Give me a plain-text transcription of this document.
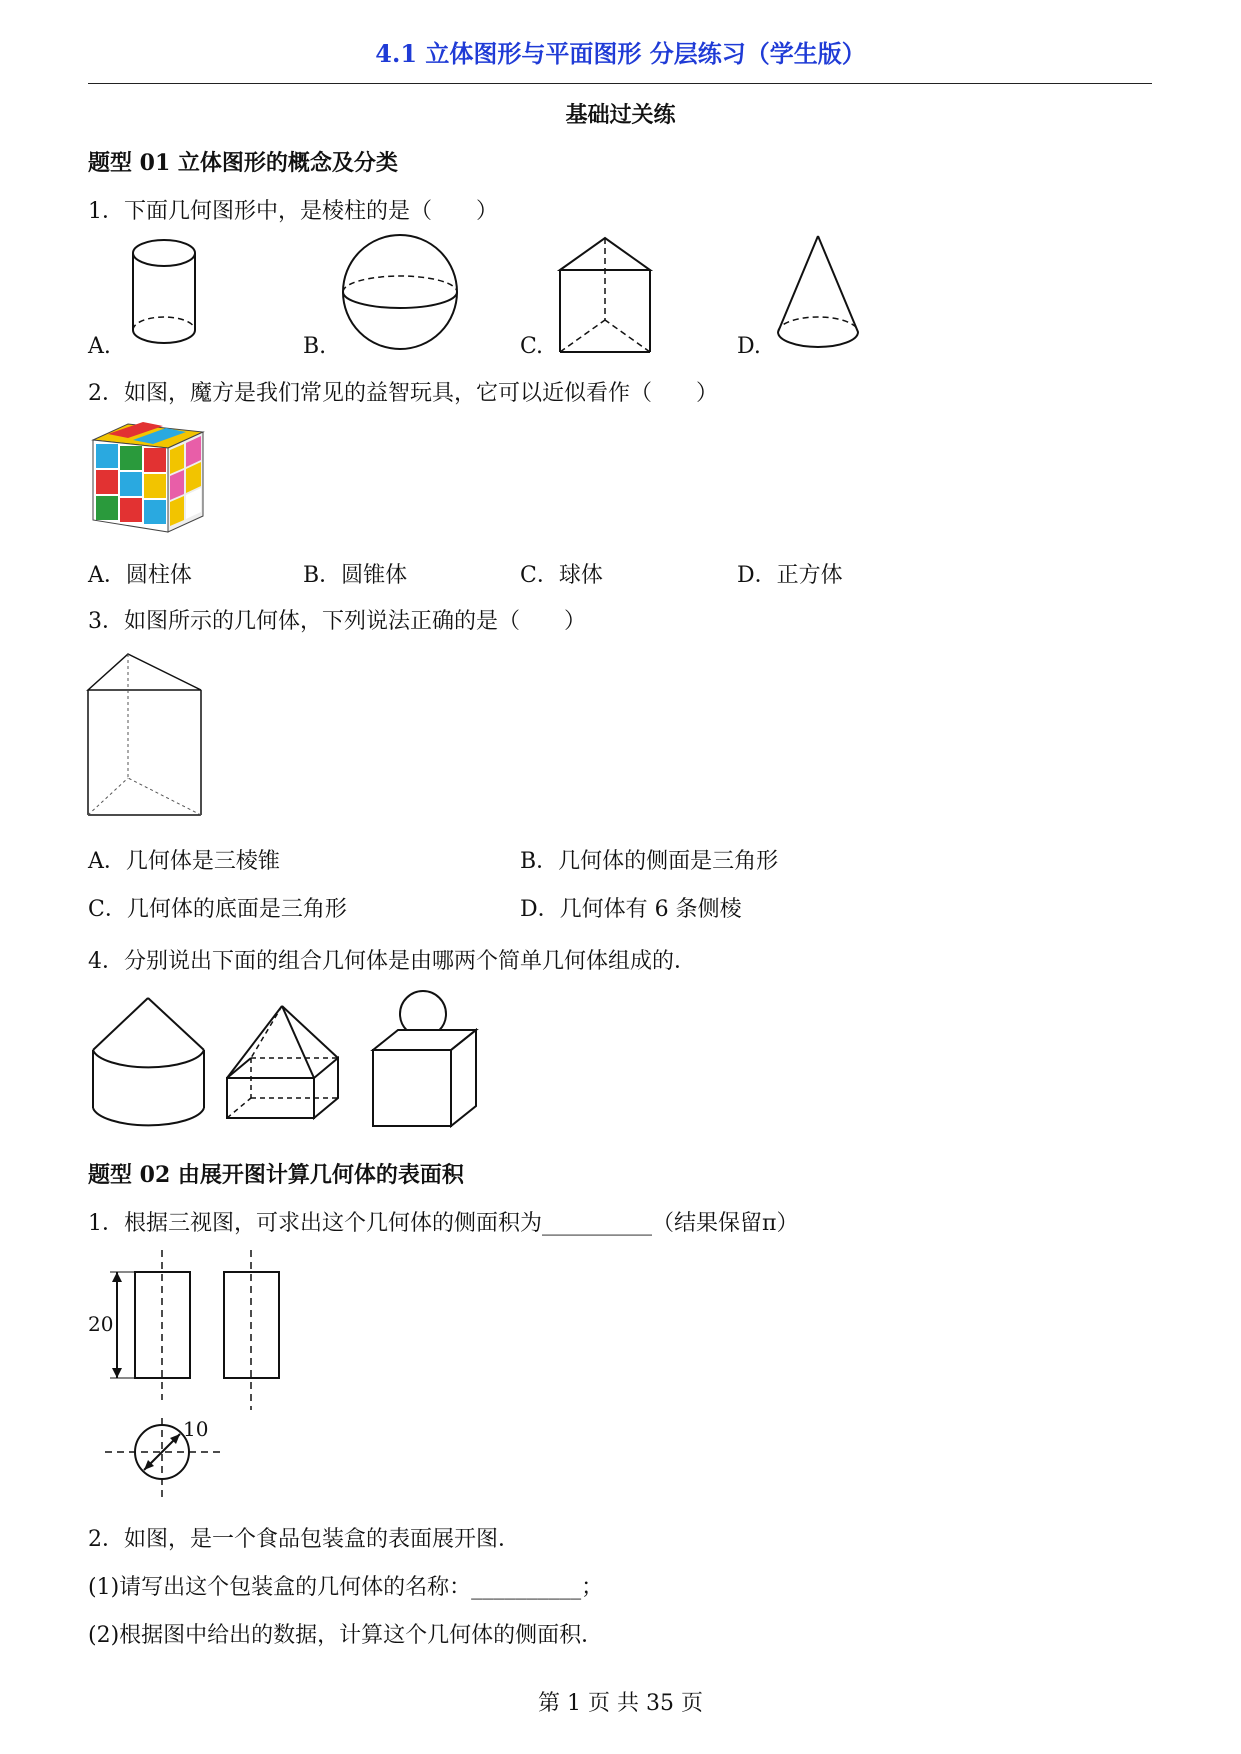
4.1 立体图形与平面图形 分层练习（学生版）
基础过关练
题型 01 立体图形的概念及分类
1．下面几何图形中，是棱柱的是（　　）
A.	B.	C.	D.
2．如图，魔方是我们常见的益智玩具，它可以近似看作（　　）
A．圆柱体	B．圆锥体	C．球体	D．正方体
3．如图所示的几何体，下列说法正确的是（　　）
A．几何体是三棱锥	B．几何体的侧面是三角形
C．几何体的底面是三角形	D．几何体有 6 条侧棱
4．分别说出下面的组合几何体是由哪两个简单几何体组成的．
题型 02 由展开图计算几何体的表面积
1．根据三视图，可求出这个几何体的侧面积为__________（结果保留π）
20
10
2．如图，是一个食品包装盒的表面展开图．
(1)请写出这个包装盒的几何体的名称：__________；
(2)根据图中给出的数据，计算这个几何体的侧面积．
第 1 页 共 35 页
